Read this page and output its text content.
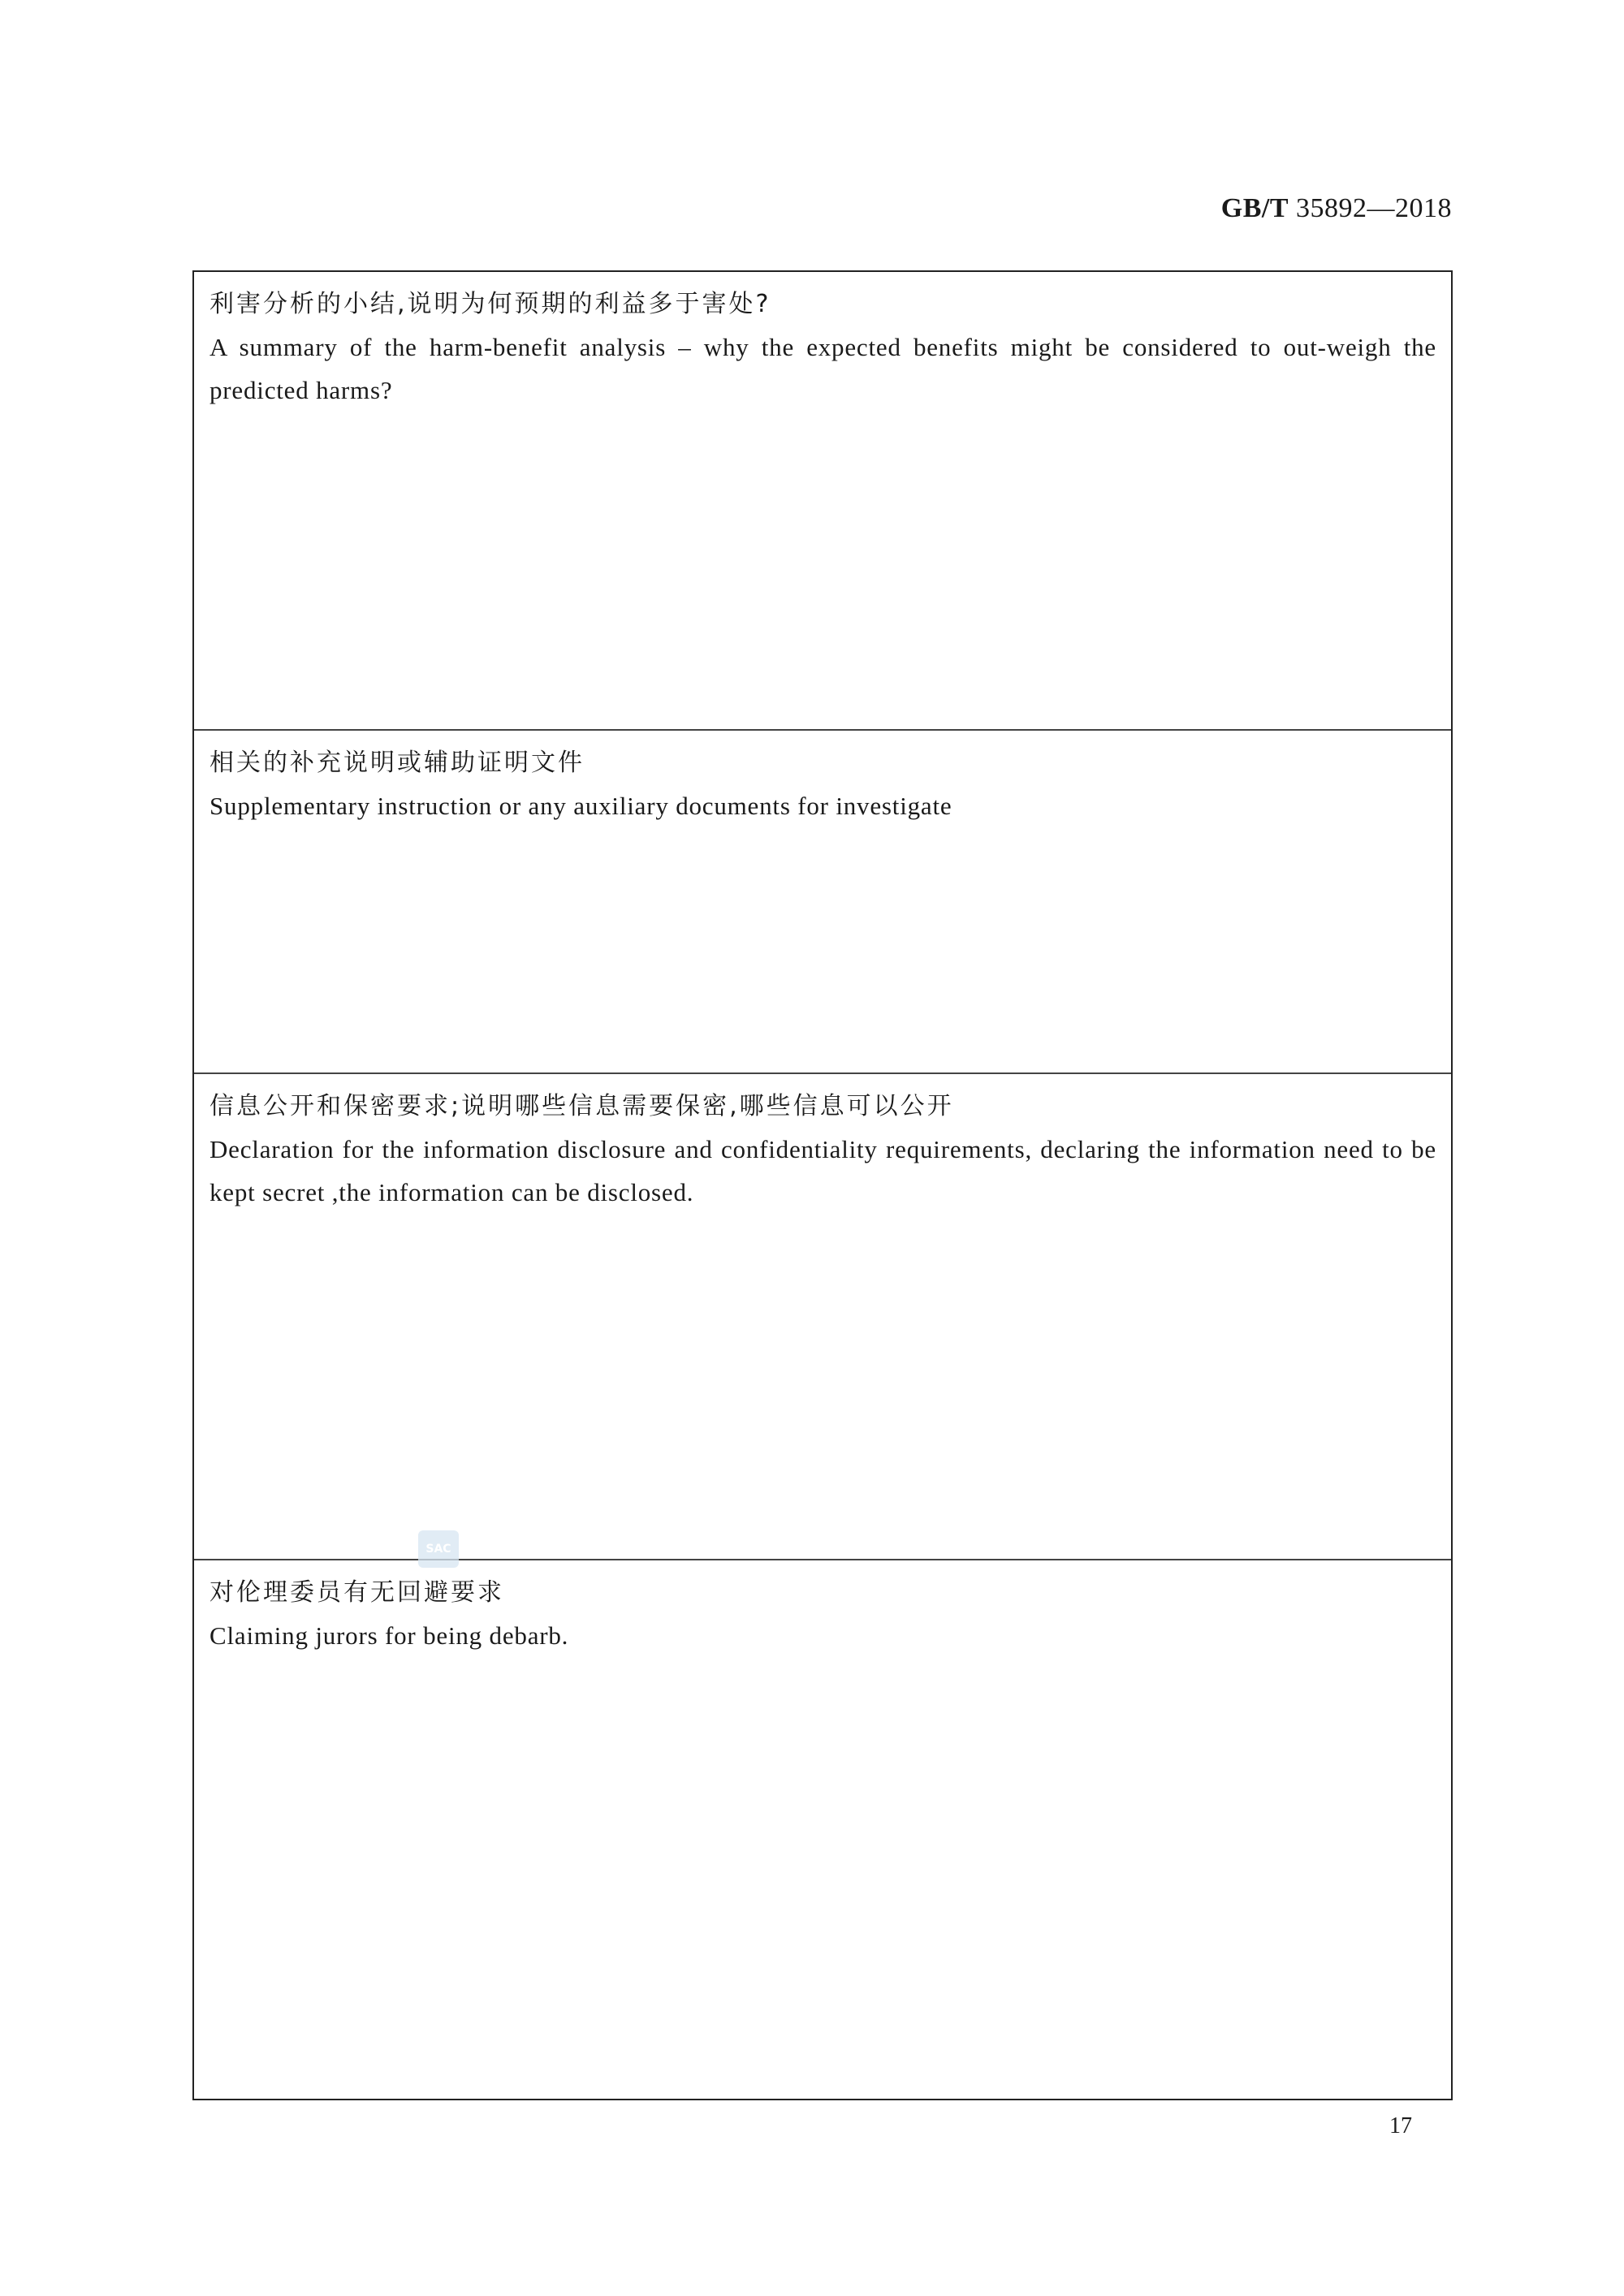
GB/T 35892—2018
利害分析的小结,说明为何预期的利益多于害处?

A summary of the harm-benefit analysis – why the expected benefits might be considered to out-weigh the predicted harms?

相关的补充说明或辅助证明文件

Supplementary instruction or any auxiliary documents for investigate

信息公开和保密要求;说明哪些信息需要保密,哪些信息可以公开

Declaration for the information disclosure and confidentiality requirements, declaring the information need to be kept secret ,the information can be disclosed.

对伦理委员有无回避要求

Claiming jurors for being debarb.

SAC
17
